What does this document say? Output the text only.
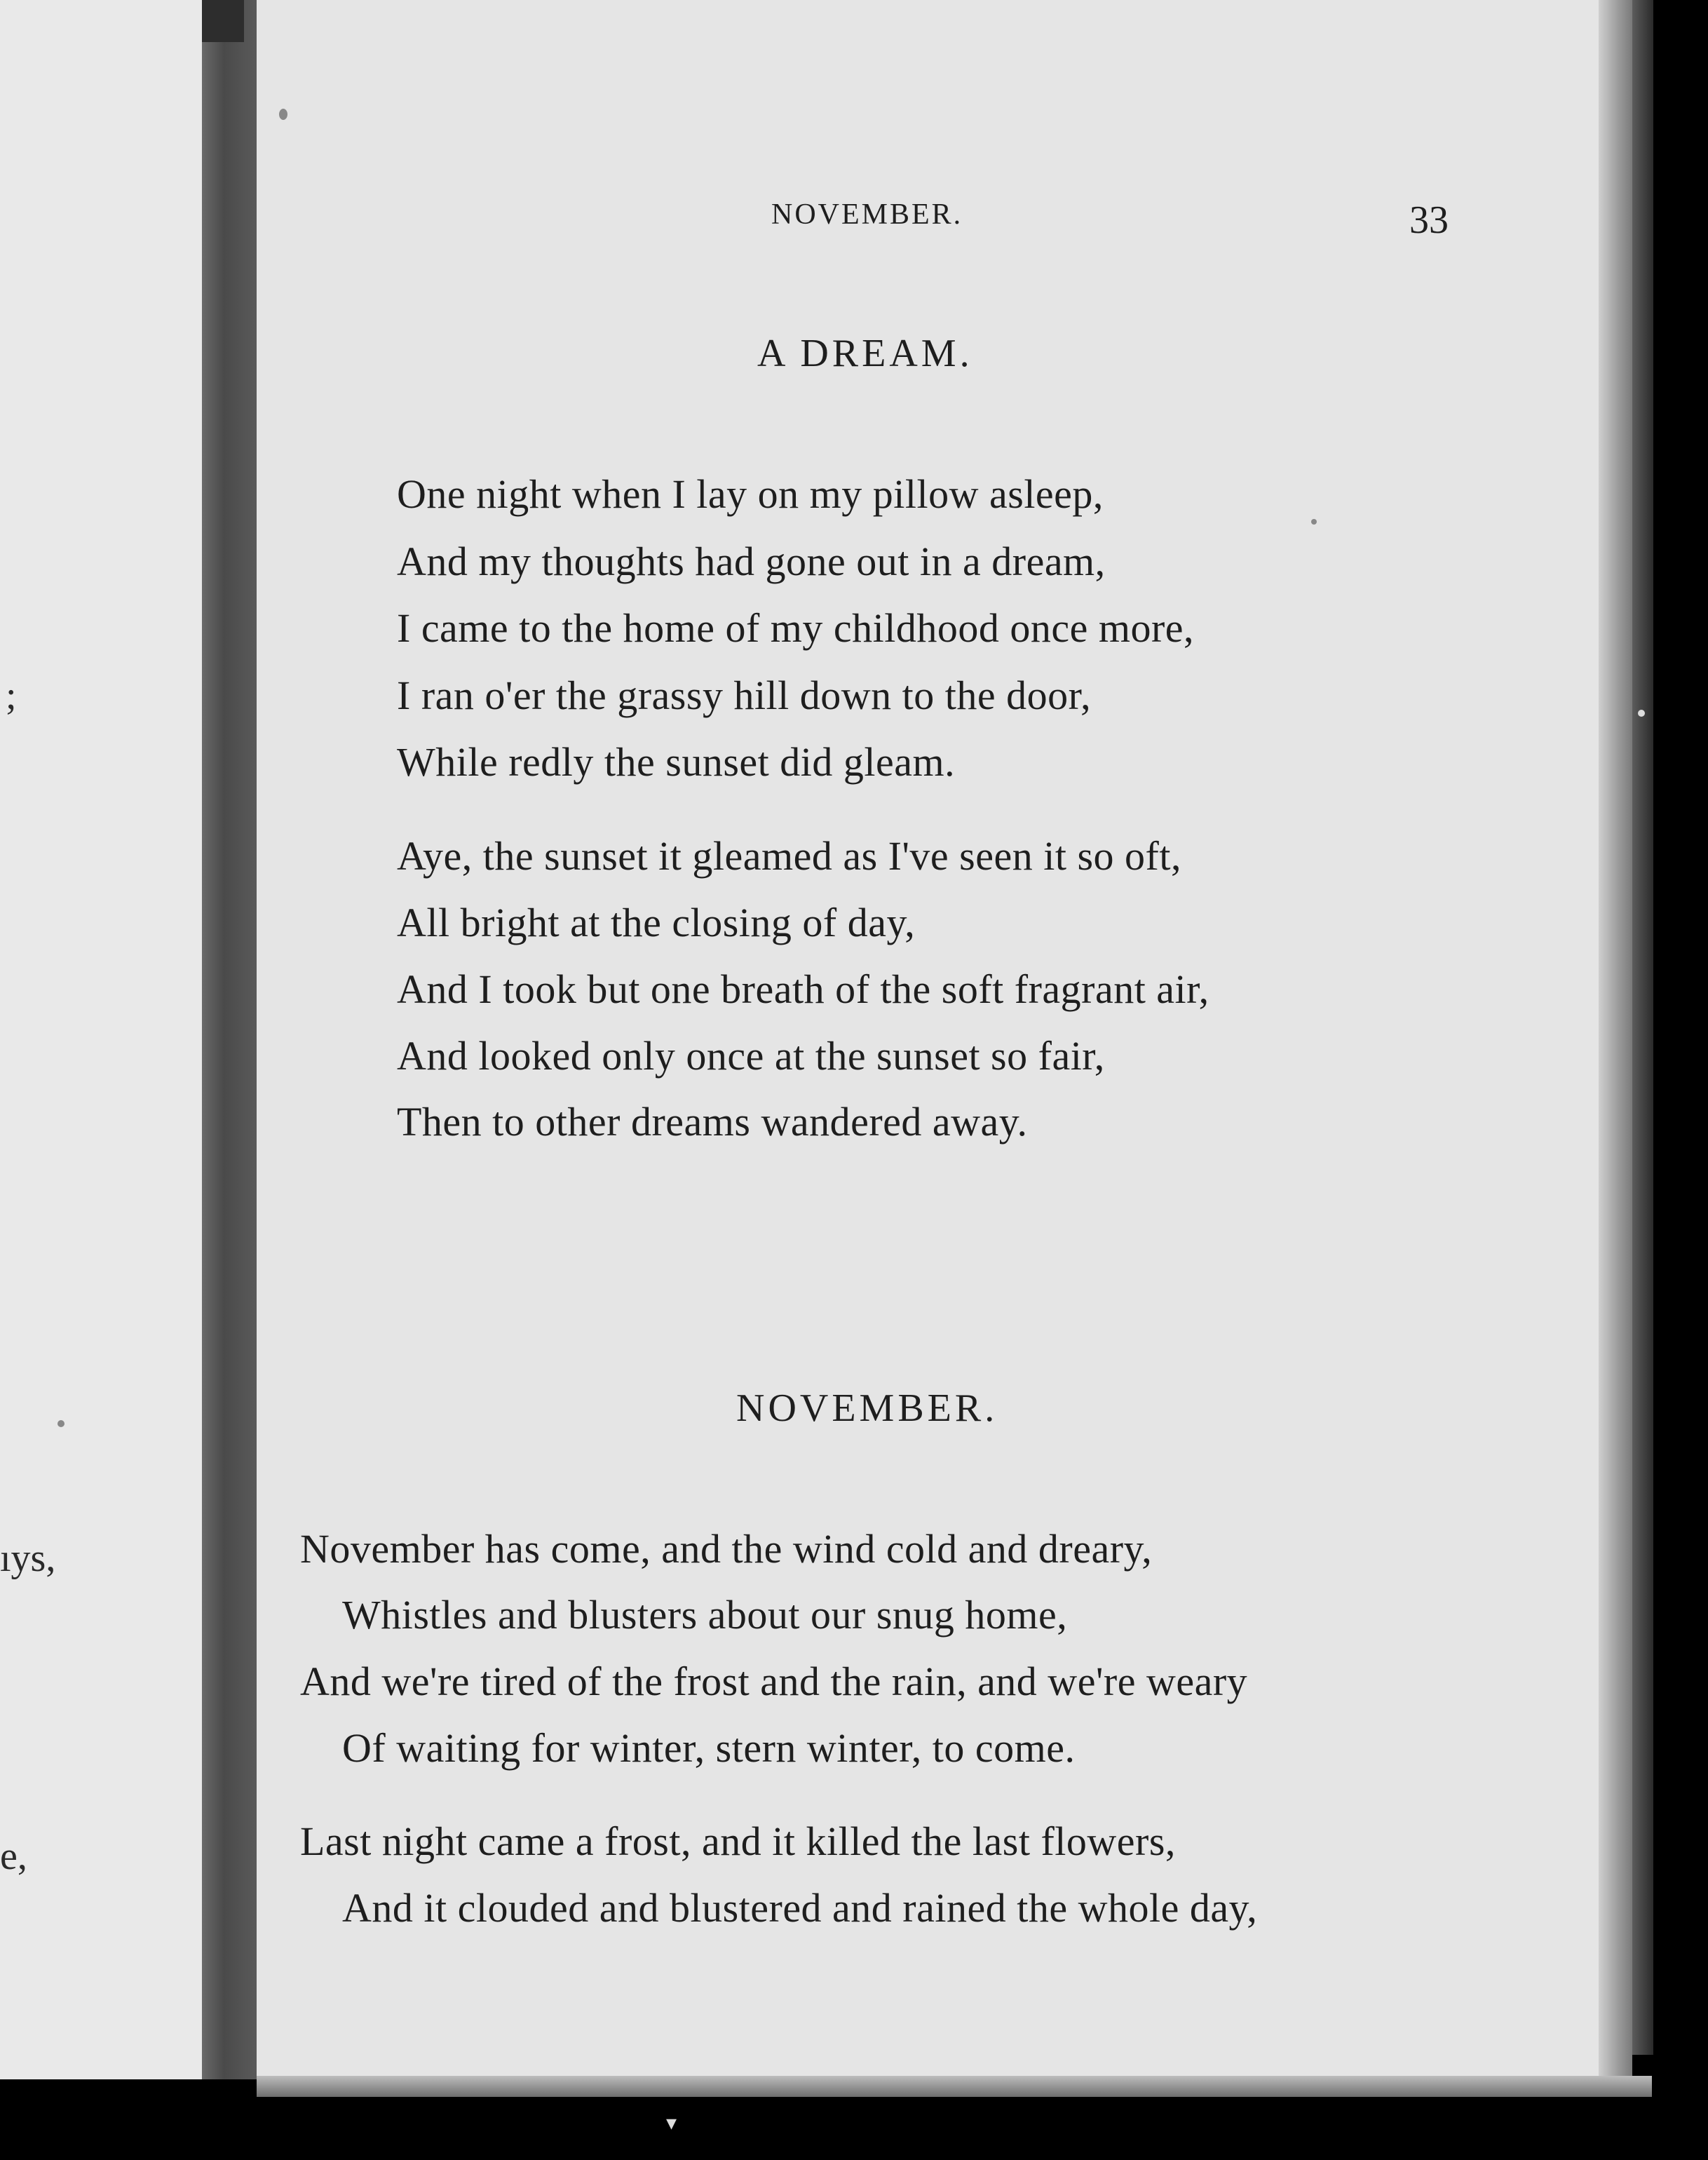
;
ıys,
e,
NOVEMBER.	33
A DREAM.
One night when I lay on my pillow asleep,
And my thoughts had gone out in a dream,
I came to the home of my childhood once more,
I ran o'er the grassy hill down to the door,
While redly the sunset did gleam.
Aye, the sunset it gleamed as I've seen it so oft,
All bright at the closing of day,
And I took but one breath of the soft fragrant air,
And looked only once at the sunset so fair,
Then to other dreams wandered away.
NOVEMBER.
November has come, and the wind cold and dreary,
Whistles and blusters about our snug home,
And we're tired of the frost and the rain, and we're weary
Of waiting for winter, stern winter, to come.
Last night came a frost, and it killed the last flowers,
And it clouded and blustered and rained the whole day,
▾
